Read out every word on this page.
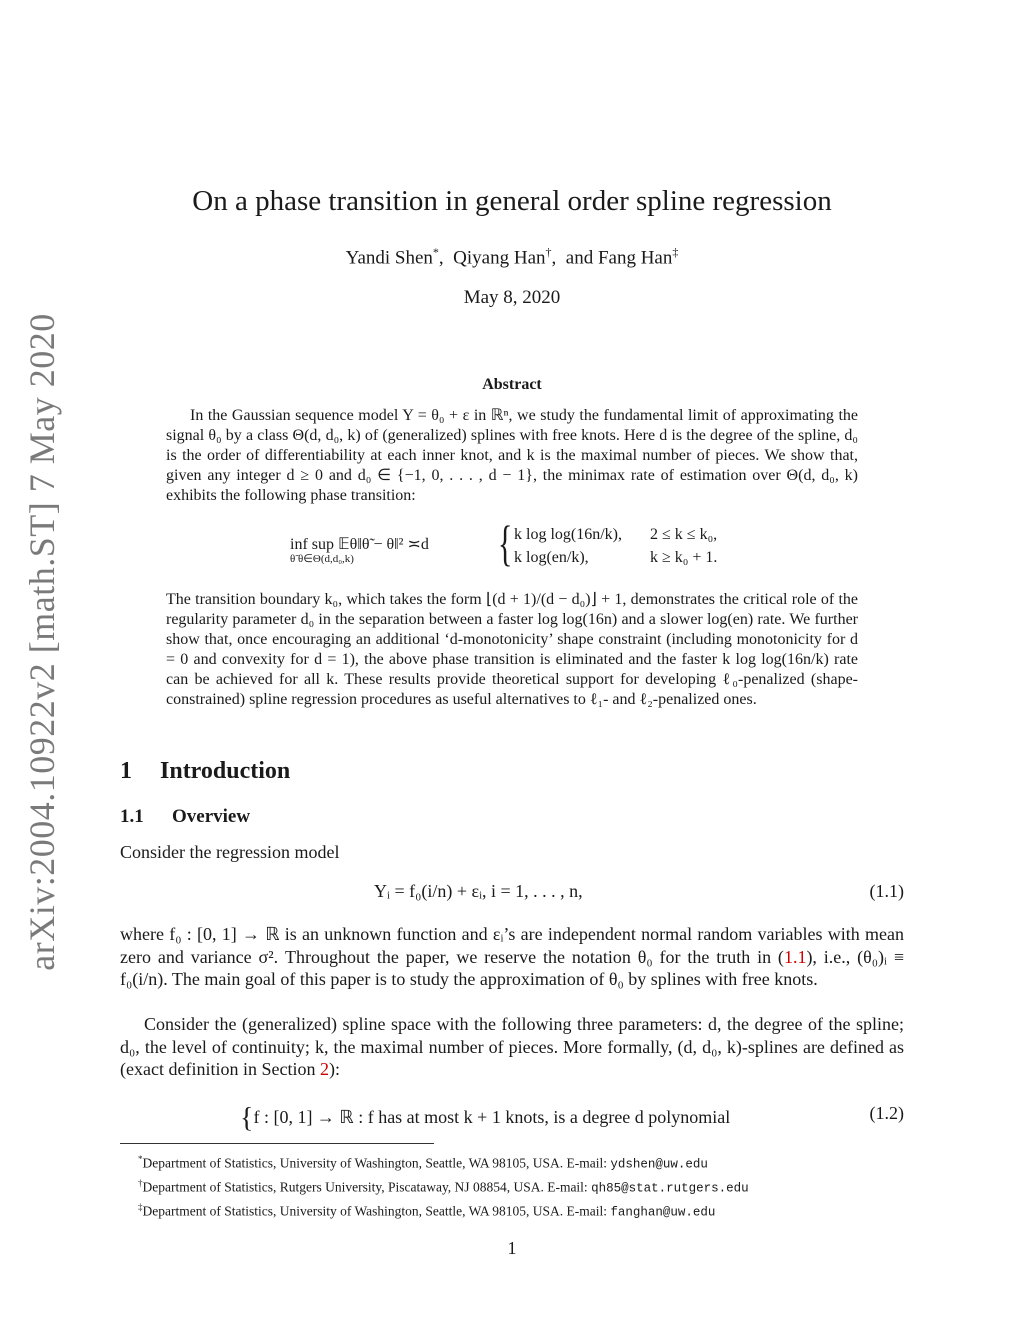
arXiv:2004.10922v2 [math.ST] 7 May 2020
On a phase transition in general order spline regression
Yandi Shen*,  Qiyang Han†,  and Fang Han‡
May 8, 2020
Abstract

In the Gaussian sequence model Y = θ₀ + ε in ℝⁿ, we study the fundamental limit of approximating the signal θ₀ by a class Θ(d, d₀, k) of (generalized) splines with free knots. Here d is the degree of the spline, d₀ is the order of differentiability at each inner knot, and k is the maximal number of pieces. We show that, given any integer d ≥ 0 and d₀ ∈ {−1, 0, . . . , d − 1}, the minimax rate of estimation over Θ(d, d₀, k) exhibits the following phase transition:

inf sup 𝔼θ‖θ̃ − θ‖² ≍d
θ̃ θ∈Θ(d,d₀,k)	{ k log log(16n/k), 2 ≤ k ≤ k₀,
k log(en/k),	k ≥ k₀ + 1.

The transition boundary k₀, which takes the form ⌊(d + 1)/(d − d₀)⌋ + 1, demonstrates the critical role of the regularity parameter d₀ in the separation between a faster log log(16n) and a slower log(en) rate. We further show that, once encouraging an additional ‘d-monotonicity’ shape constraint (including monotonicity for d = 0 and convexity for d = 1), the above phase transition is eliminated and the faster k log log(16n/k) rate can be achieved for all k. These results provide theoretical support for developing ℓ₀-penalized (shape-constrained) spline regression procedures as useful alternatives to ℓ₁- and ℓ₂-penalized ones.

1 Introduction
1.1 Overview

Consider the regression model

Yᵢ = f₀(i/n) + εᵢ, i = 1, . . . , n,	(1.1)

where f₀ : [0, 1] → ℝ is an unknown function and εᵢ’s are independent normal random variables with mean zero and variance σ². Throughout the paper, we reserve the notation θ₀ for the truth in (1.1), i.e., (θ₀)ᵢ ≡ f₀(i/n). The main goal of this paper is to study the approximation of θ₀ by splines with free knots.

Consider the (generalized) spline space with the following three parameters: d, the degree of the spline; d₀, the level of continuity; k, the maximal number of pieces. More formally, (d, d₀, k)-splines are defined as (exact definition in Section 2):

{f : [0, 1] → ℝ : f has at most k + 1 knots, is a degree d polynomial	(1.2)
*Department of Statistics, University of Washington, Seattle, WA 98105, USA. E-mail: ydshen@uw.edu
†Department of Statistics, Rutgers University, Piscataway, NJ 08854, USA. E-mail: qh85@stat.rutgers.edu
‡Department of Statistics, University of Washington, Seattle, WA 98105, USA. E-mail: fanghan@uw.edu
1
